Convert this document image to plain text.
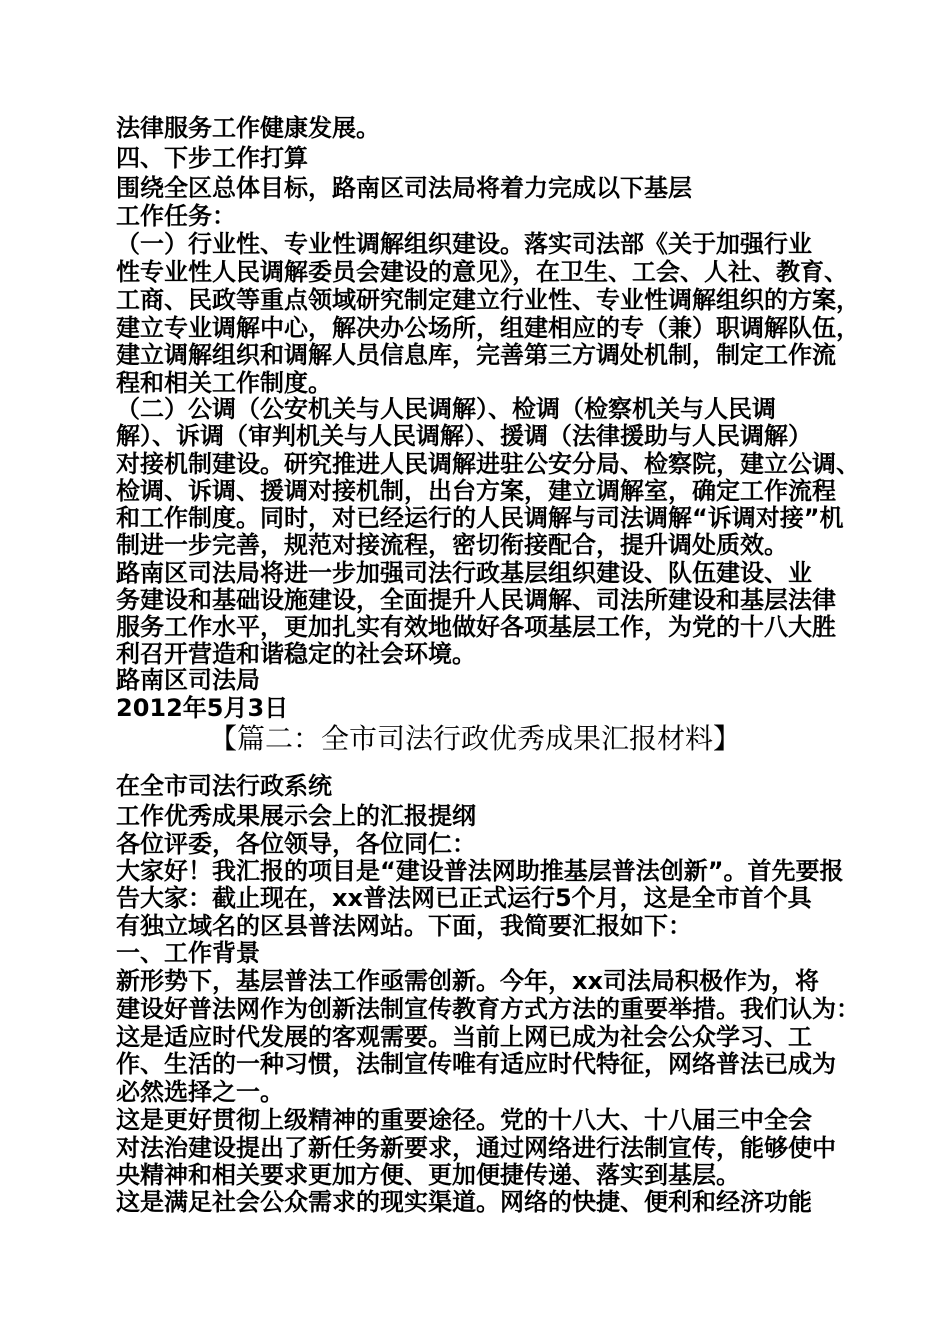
法律服务工作健康发展。
四、下步工作打算
围绕全区总体目标，路南区司法局将着力完成以下基层
工作任务：
（一）行业性、专业性调解组织建设。落实司法部《关于加强行业
性专业性人民调解委员会建设的意见》，在卫生、工会、人社、教育、
工商、民政等重点领域研究制定建立行业性、专业性调解组织的方案，
建立专业调解中心，解决办公场所，组建相应的专（兼）职调解队伍，
建立调解组织和调解人员信息库，完善第三方调处机制，制定工作流
程和相关工作制度。
（二）公调（公安机关与人民调解）、检调（检察机关与人民调
解）、诉调（审判机关与人民调解）、援调（法律援助与人民调解）
对接机制建设。研究推进人民调解进驻公安分局、检察院，建立公调、
检调、诉调、援调对接机制，出台方案，建立调解室，确定工作流程
和工作制度。同时，对已经运行的人民调解与司法调解“诉调对接”机
制进一步完善，规范对接流程，密切衔接配合，提升调处质效。
路南区司法局将进一步加强司法行政基层组织建设、队伍建设、业
务建设和基础设施建设，全面提升人民调解、司法所建设和基层法律
服务工作水平，更加扎实有效地做好各项基层工作，为党的十八大胜
利召开营造和谐稳定的社会环境。
路南区司法局
2012年5月3日
【篇二：全市司法行政优秀成果汇报材料】
在全市司法行政系统
工作优秀成果展示会上的汇报提纲
各位评委，各位领导，各位同仁：
大家好！我汇报的项目是“建设普法网助推基层普法创新”。首先要报
告大家：截止现在，xx普法网已正式运行5个月，这是全市首个具
有独立域名的区县普法网站。下面，我简要汇报如下：
一、工作背景
新形势下，基层普法工作亟需创新。今年，xx司法局积极作为，将
建设好普法网作为创新法制宣传教育方式方法的重要举措。我们认为：
这是适应时代发展的客观需要。当前上网已成为社会公众学习、工
作、生活的一种习惯，法制宣传唯有适应时代特征，网络普法已成为
必然选择之一。
这是更好贯彻上级精神的重要途径。党的十八大、十八届三中全会
对法治建设提出了新任务新要求，通过网络进行法制宣传，能够使中
央精神和相关要求更加方便、更加便捷传递、落实到基层。
这是满足社会公众需求的现实渠道。网络的快捷、便利和经济功能
